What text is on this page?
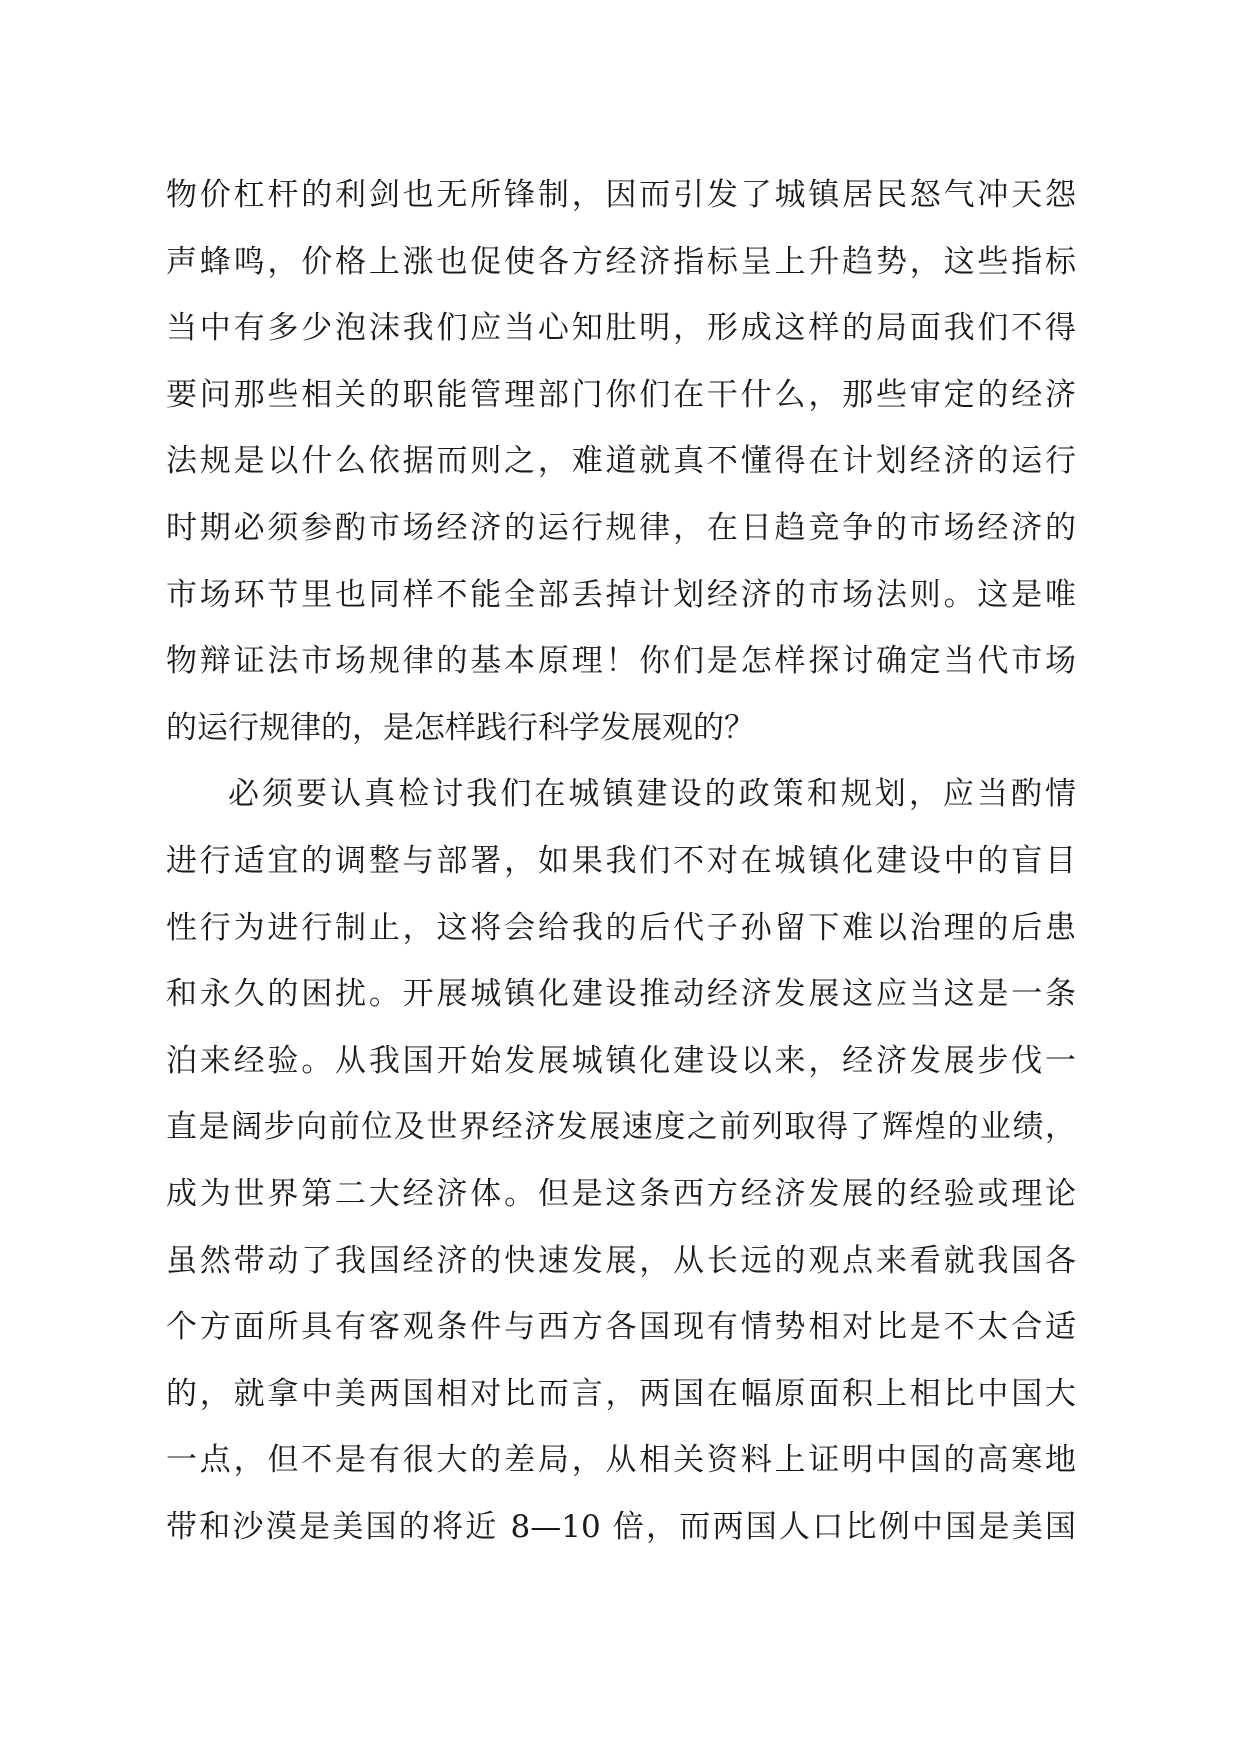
物价杠杆的利剑也无所锋制，因而引发了城镇居民怒气冲天怨
声蜂鸣，价格上涨也促使各方经济指标呈上升趋势，这些指标
当中有多少泡沫我们应当心知肚明，形成这样的局面我们不得
要问那些相关的职能管理部门你们在干什么，那些审定的经济
法规是以什么依据而则之，难道就真不懂得在计划经济的运行
时期必须参酌市场经济的运行规律，在日趋竞争的市场经济的
市场环节里也同样不能全部丢掉计划经济的市场法则。这是唯
物辩证法市场规律的基本原理！你们是怎样探讨确定当代市场
的运行规律的，是怎样践行科学发展观的？
必须要认真检讨我们在城镇建设的政策和规划，应当酌情
进行适宜的调整与部署，如果我们不对在城镇化建设中的盲目
性行为进行制止，这将会给我的后代子孙留下难以治理的后患
和永久的困扰。开展城镇化建设推动经济发展这应当这是一条
泊来经验。从我国开始发展城镇化建设以来，经济发展步伐一
直是阔步向前位及世界经济发展速度之前列取得了辉煌的业绩，
成为世界第二大经济体。但是这条西方经济发展的经验或理论
虽然带动了我国经济的快速发展，从长远的观点来看就我国各
个方面所具有客观条件与西方各国现有情势相对比是不太合适
的，就拿中美两国相对比而言，两国在幅原面积上相比中国大
一点，但不是有很大的差局，从相关资料上证明中国的高寒地
带和沙漠是美国的将近 8—10 倍，而两国人口比例中国是美国
